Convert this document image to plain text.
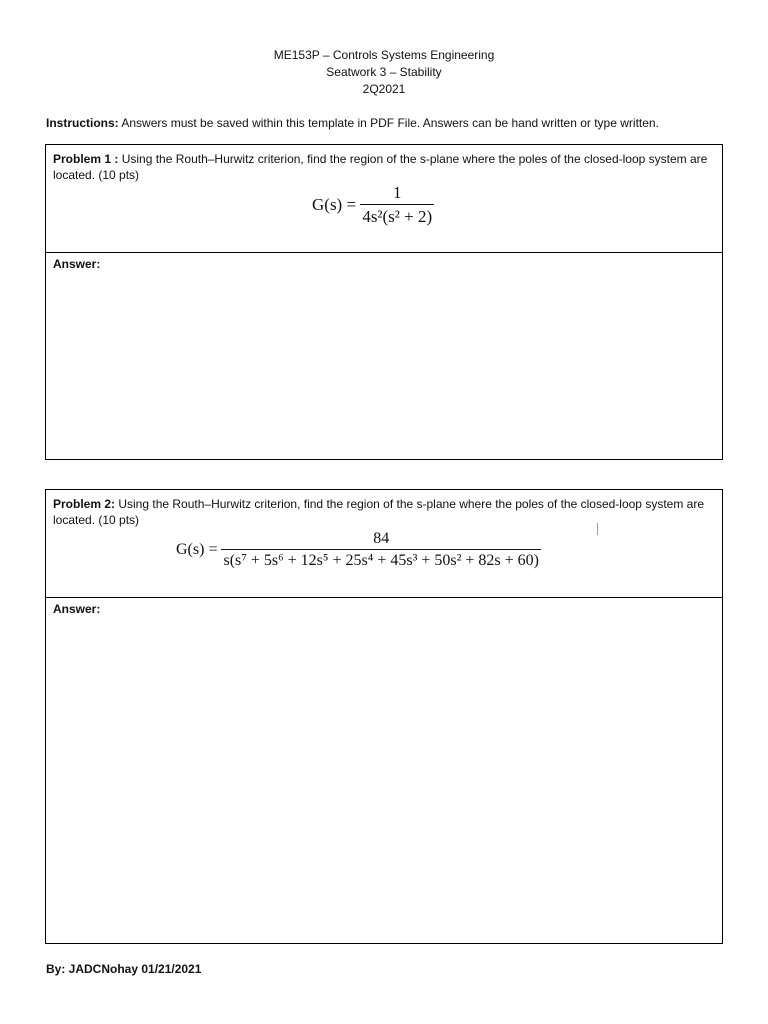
ME153P – Controls Systems Engineering
Seatwork 3 – Stability
2Q2021
Instructions: Answers must be saved within this template in PDF File. Answers can be hand written or type written.
Problem 1 : Using the Routh–Hurwitz criterion, find the region of the s-plane where the poles of the closed-loop system are located. (10 pts)
$G(s) = \frac{1}{\text{4s²(s² + 2)}}$
Answer:
Problem 2: Using the Routh–Hurwitz criterion, find the region of the s-plane where the poles of the closed-loop system are located. (10 pts)
$G(s) = \frac{84}{\text{s(s⁷ + 5s⁶ + 12s⁵ + 25s⁴ + 45s³ + 50s² + 82s + 60)}}$
Answer:
By: JADCNohay 01/21/2021
